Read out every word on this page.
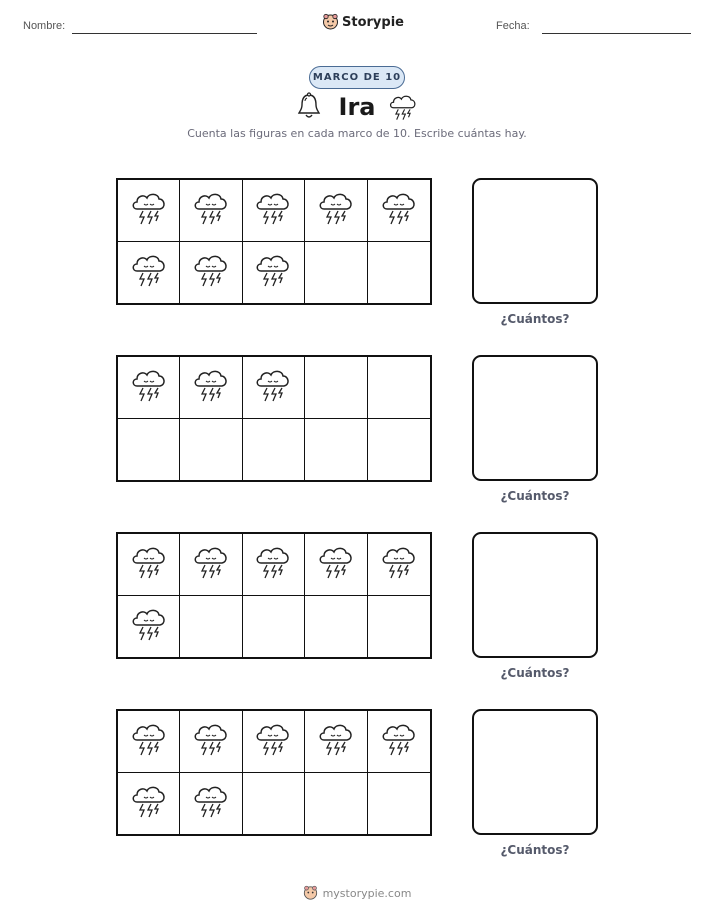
Nombre:	Storypie	Fecha:
MARCO DE 10
Ira
Cuenta las figuras en cada marco de 10. Escribe cuántas hay.
¿Cuántos?
¿Cuántos?
¿Cuántos?
¿Cuántos?
mystorypie.com
